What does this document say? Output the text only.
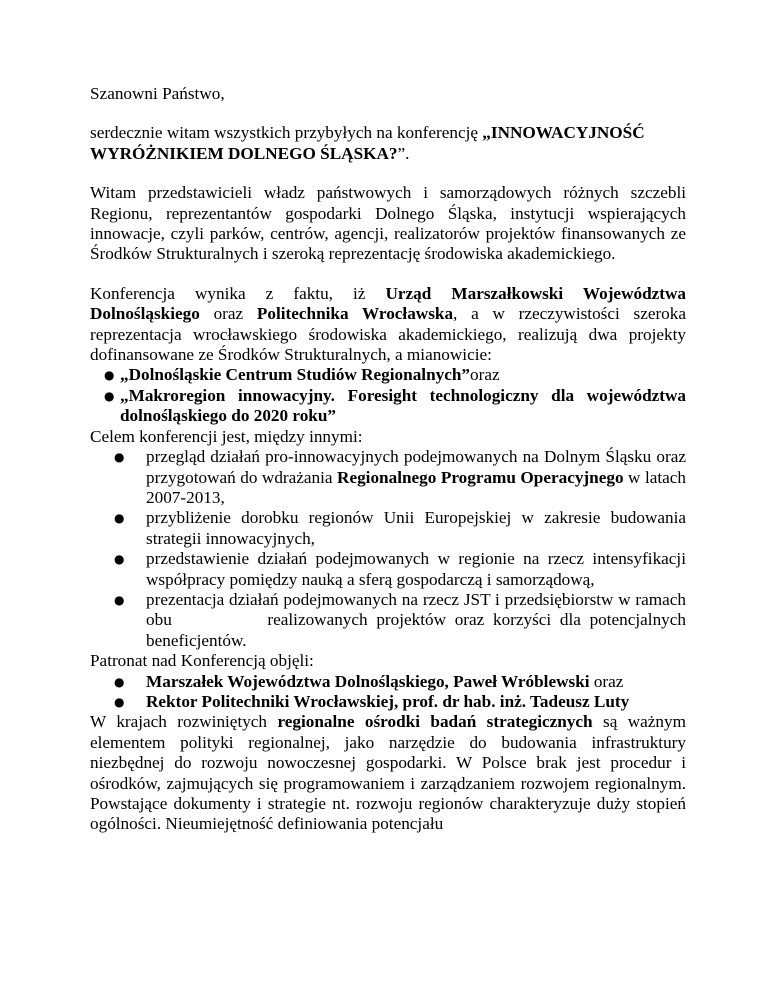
Szanowni Państwo,

serdecznie witam wszystkich przybyłych na konferencję „INNOWACYJNOŚĆ WYRÓŻNIKIEM DOLNEGO ŚLĄSKA?”.

Witam przedstawicieli władz państwowych i samorządowych różnych szczebli Regionu, reprezentantów gospodarki Dolnego Śląska, instytucji wspierających innowacje, czyli parków, centrów, agencji, realizatorów projektów finansowanych ze Środków Strukturalnych i szeroką reprezentację środowiska akademickiego.

Konferencja wynika z faktu, iż Urząd Marszałkowski Województwa Dolnośląskiego oraz Politechnika Wrocławska, a w rzeczywistości szeroka reprezentacja wrocławskiego środowiska akademickiego, realizują dwa projekty dofinansowane ze Środków Strukturalnych, a mianowicie:

● „Dolnośląskie Centrum Studiów Regionalnych”oraz
● „Makroregion innowacyjny. Foresight technologiczny dla województwa dolnośląskiego do 2020 roku”

Celem konferencji jest, między innymi:

● przegląd działań pro-innowacyjnych podejmowanych na Dolnym Śląsku oraz przygotowań do wdrażania Regionalnego Programu Operacyjnego w latach 2007-2013,
● przybliżenie dorobku regionów Unii Europejskiej w zakresie budowania strategii innowacyjnych,
● przedstawienie działań podejmowanych w regionie na rzecz intensyfikacji współpracy pomiędzy nauką a sferą gospodarczą i samorządową,
● prezentacja działań podejmowanych na rzecz JST i przedsiębiorstw w ramach obu           realizowanych projektów oraz korzyści dla potencjalnych beneficjentów.

Patronat nad Konferencją objęli:

● Marszałek Województwa Dolnośląskiego, Paweł Wróblewski oraz
● Rektor Politechniki Wrocławskiej, prof. dr hab. inż. Tadeusz Luty

W krajach rozwiniętych regionalne ośrodki badań strategicznych są ważnym elementem polityki regionalnej, jako narzędzie do budowania infrastruktury niezbędnej do rozwoju nowoczesnej gospodarki. W Polsce brak jest procedur i ośrodków, zajmujących się programowaniem i zarządzaniem rozwojem regionalnym. Powstające dokumenty i strategie nt. rozwoju regionów charakteryzuje duży stopień ogólności. Nieumiejętność definiowania potencjału
